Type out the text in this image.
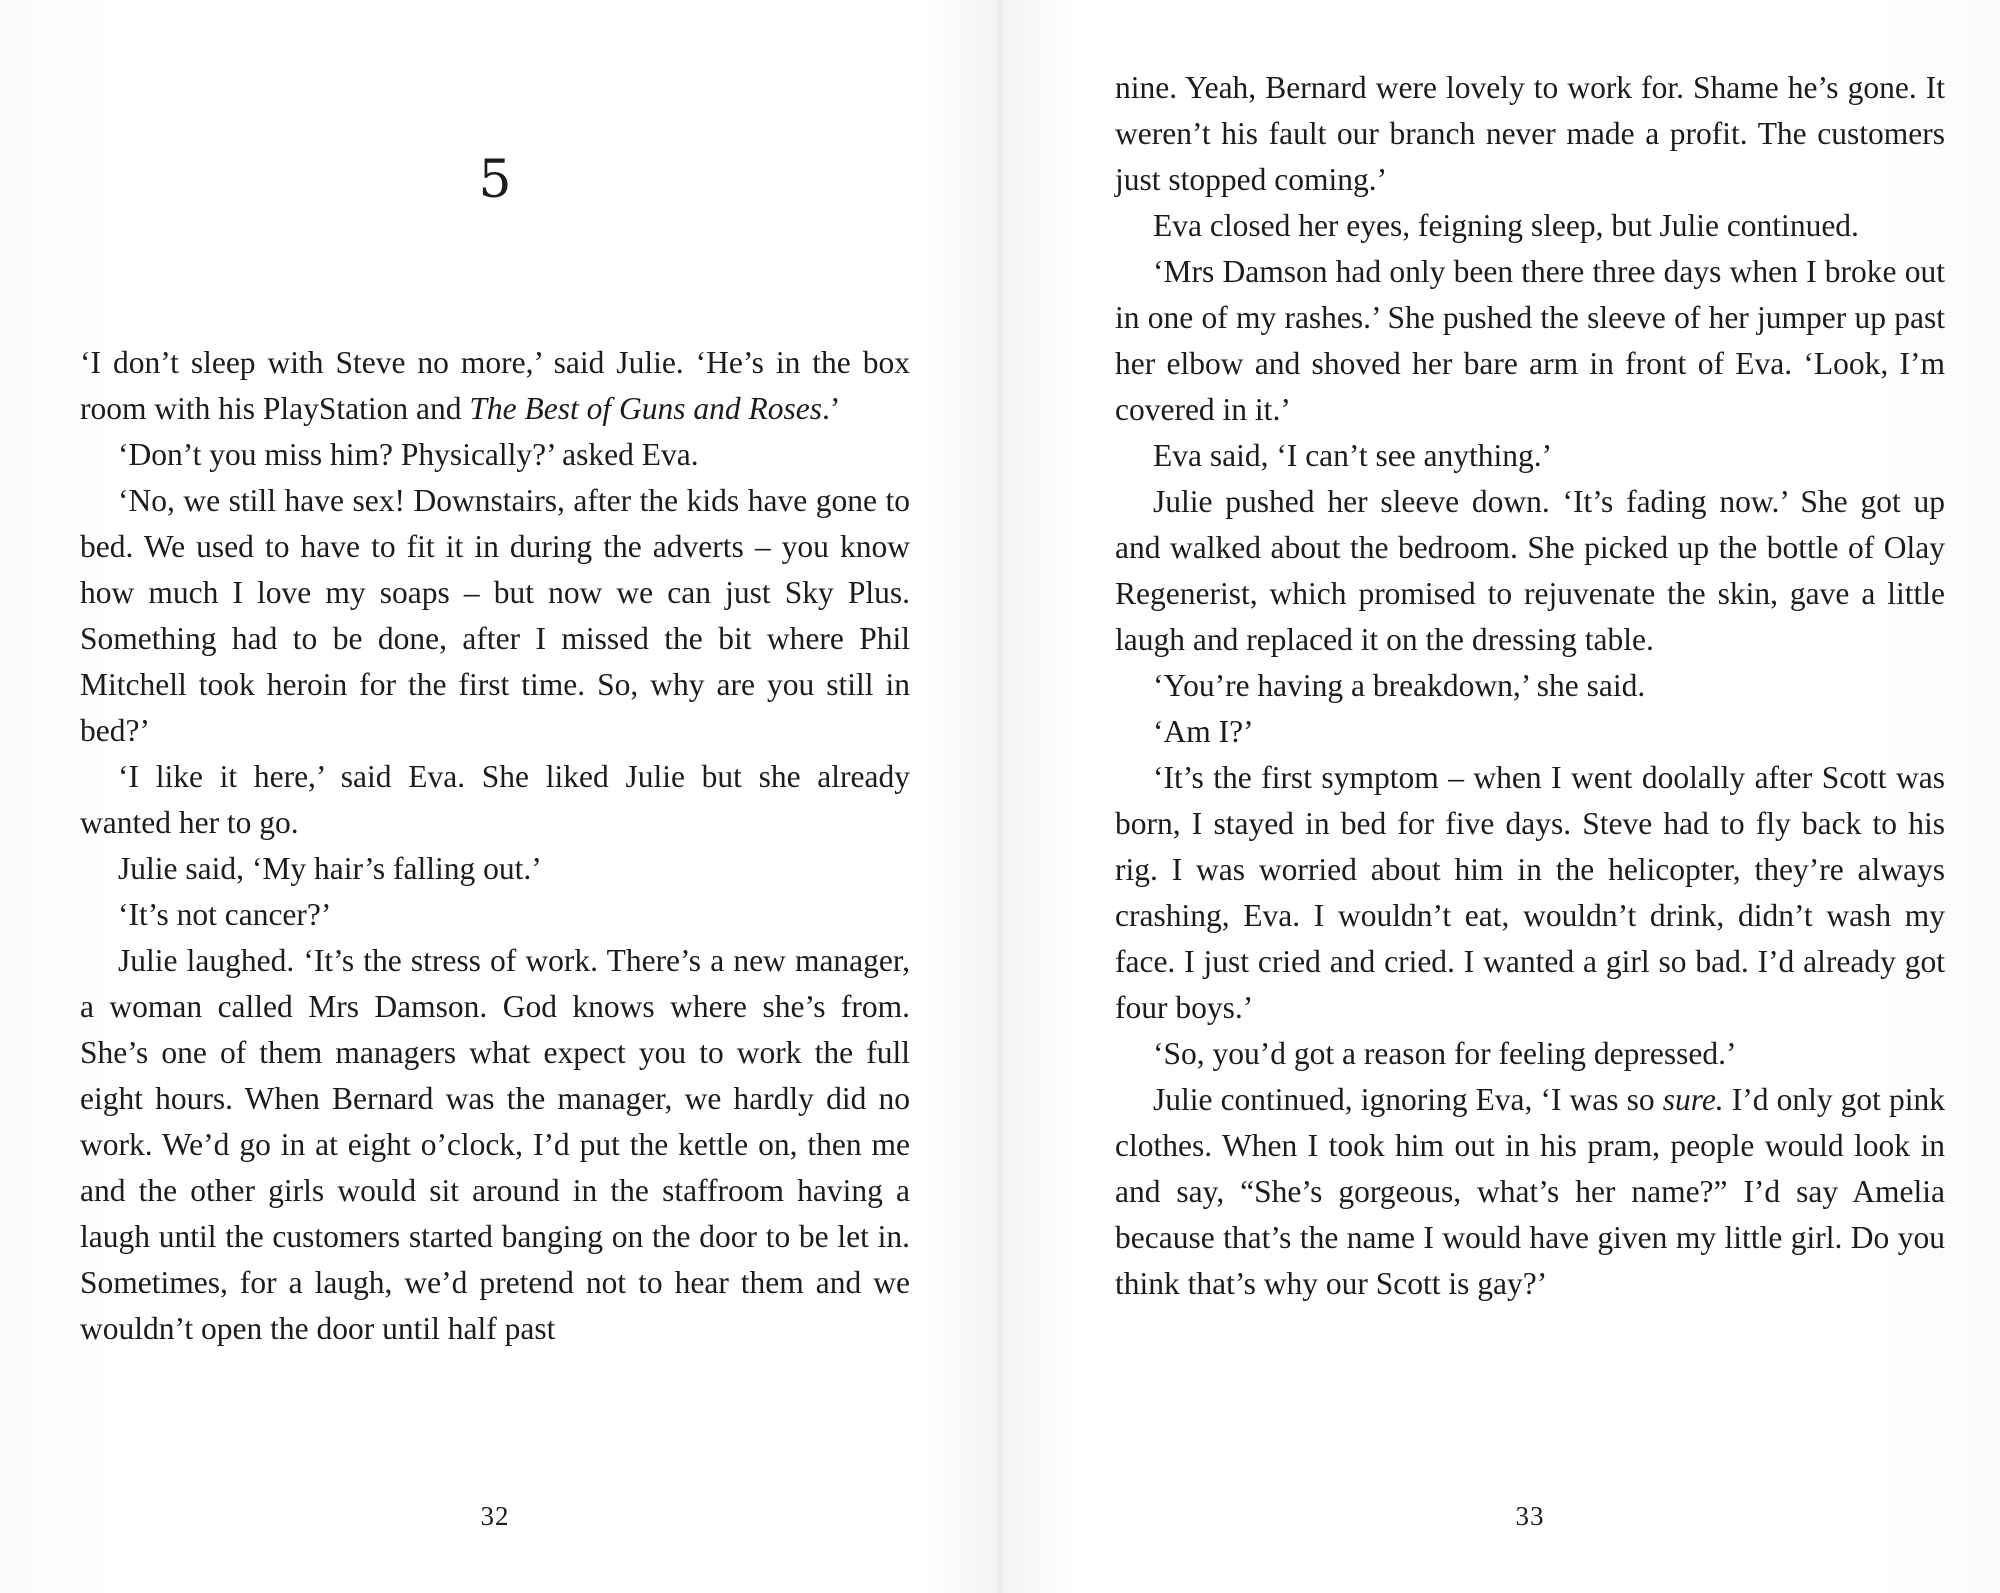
5

‘I don’t sleep with Steve no more,’ said Julie. ‘He’s in the box room with his PlayStation and The Best of Guns and Roses.’

‘Don’t you miss him? Physically?’ asked Eva.

‘No, we still have sex! Downstairs, after the kids have gone to bed. We used to have to fit it in during the adverts – you know how much I love my soaps – but now we can just Sky Plus. Something had to be done, after I missed the bit where Phil Mitchell took heroin for the first time. So, why are you still in bed?’

‘I like it here,’ said Eva. She liked Julie but she already wanted her to go.

Julie said, ‘My hair’s falling out.’

‘It’s not cancer?’

Julie laughed. ‘It’s the stress of work. There’s a new manager, a woman called Mrs Damson. God knows where she’s from. She’s one of them managers what expect you to work the full eight hours. When Bernard was the manager, we hardly did no work. We’d go in at eight o’clock, I’d put the kettle on, then me and the other girls would sit around in the staffroom having a laugh until the customers started banging on the door to be let in. Sometimes, for a laugh, we’d pretend not to hear them and we wouldn’t open the door until half past

32

nine. Yeah, Bernard were lovely to work for. Shame he’s gone. It weren’t his fault our branch never made a profit. The customers just stopped coming.’

Eva closed her eyes, feigning sleep, but Julie continued.

‘Mrs Damson had only been there three days when I broke out in one of my rashes.’ She pushed the sleeve of her jumper up past her elbow and shoved her bare arm in front of Eva. ‘Look, I’m covered in it.’

Eva said, ‘I can’t see anything.’

Julie pushed her sleeve down. ‘It’s fading now.’ She got up and walked about the bedroom. She picked up the bottle of Olay Regenerist, which promised to rejuvenate the skin, gave a little laugh and replaced it on the dressing table.

‘You’re having a breakdown,’ she said.

‘Am I?’

‘It’s the first symptom – when I went doolally after Scott was born, I stayed in bed for five days. Steve had to fly back to his rig. I was worried about him in the helicopter, they’re always crashing, Eva. I wouldn’t eat, wouldn’t drink, didn’t wash my face. I just cried and cried. I wanted a girl so bad. I’d already got four boys.’

‘So, you’d got a reason for feeling depressed.’

Julie continued, ignoring Eva, ‘I was so sure. I’d only got pink clothes. When I took him out in his pram, people would look in and say, “She’s gorgeous, what’s her name?” I’d say Amelia because that’s the name I would have given my little girl. Do you think that’s why our Scott is gay?’

33
